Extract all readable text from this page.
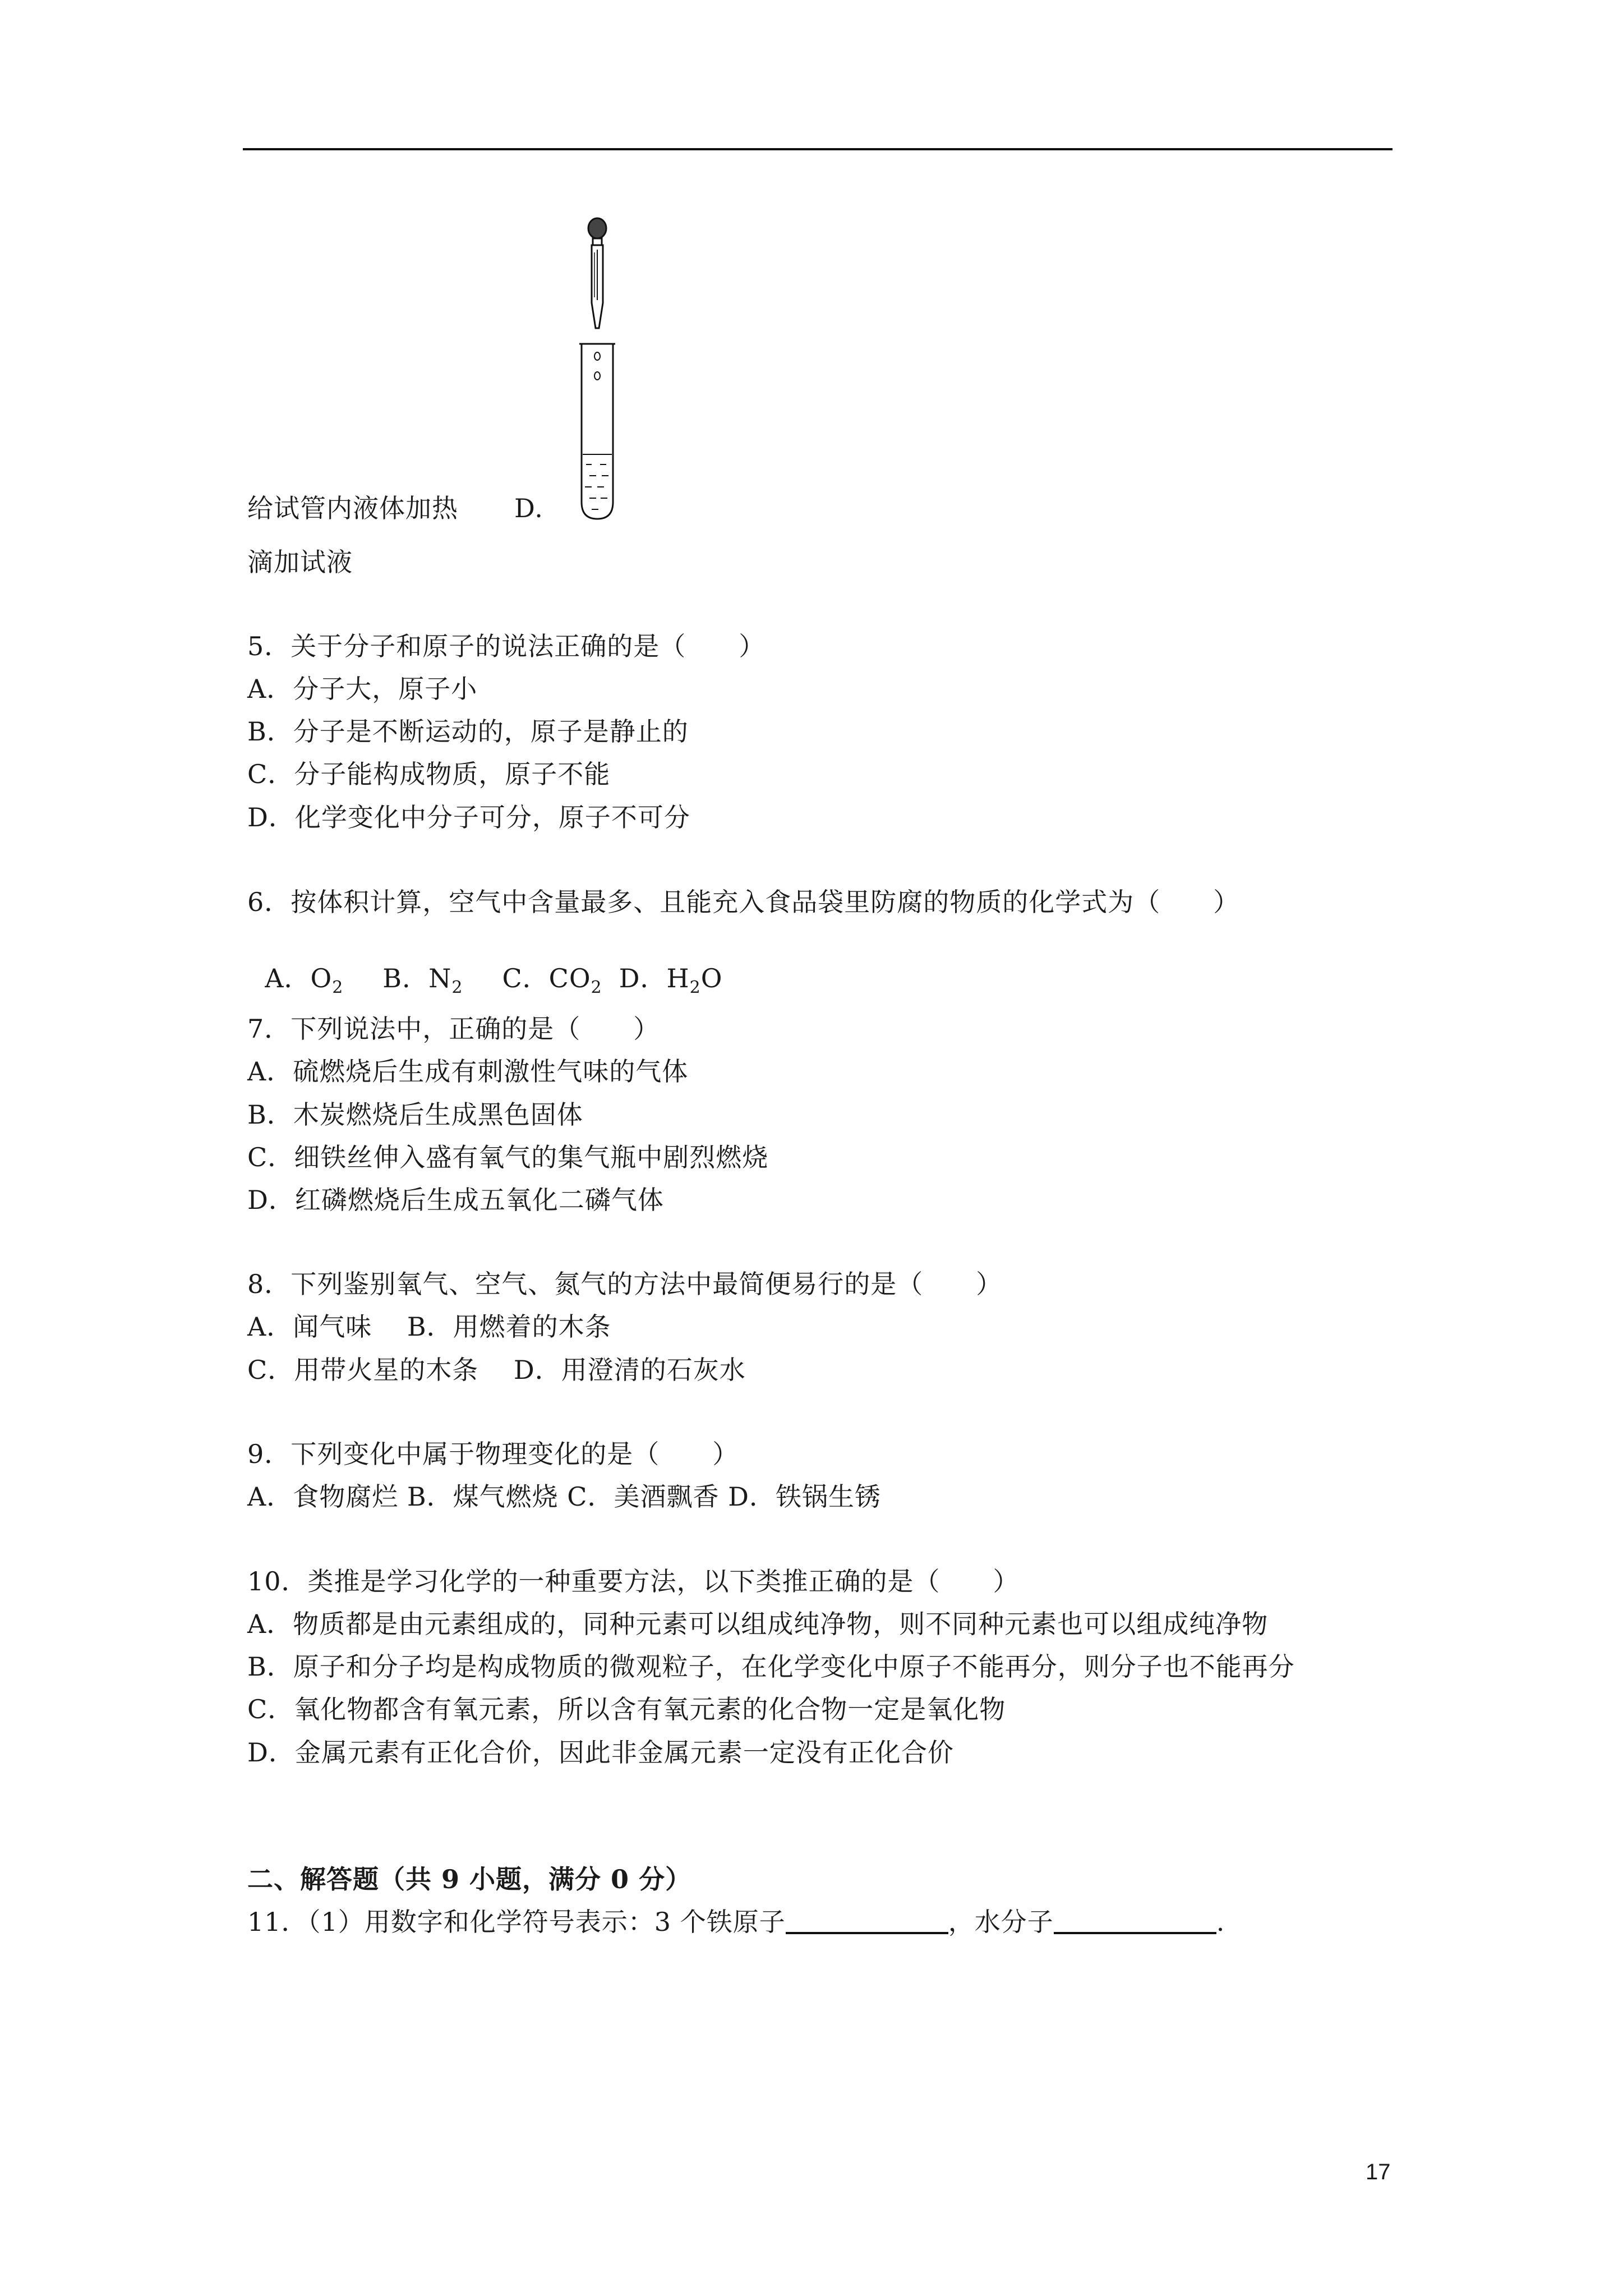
给试管内液体加热 D.
滴加试液
5．关于分子和原子的说法正确的是（　　）
A．分子大，原子小
B．分子是不断运动的，原子是静止的
C．分子能构成物质，原子不能
D．化学变化中分子可分，原子不可分
6．按体积计算，空气中含量最多、且能充入食品袋里防腐的物质的化学式为（　　）

A．$O_2$ B．$N_2$ C．$CO_2$ D．$H_2O$

7．下列说法中，正确的是（　　）
A．硫燃烧后生成有刺激性气味的气体
B．木炭燃烧后生成黑色固体
C．细铁丝伸入盛有氧气的集气瓶中剧烈燃烧
D．红磷燃烧后生成五氧化二磷气体
8．下列鉴别氧气、空气、氮气的方法中最简便易行的是（　　）
A．闻气味　 B．用燃着的木条
C．用带火星的木条　 D．用澄清的石灰水
9．下列变化中属于物理变化的是（　　）
A．食物腐烂 B．煤气燃烧 C．美酒飘香 D．铁锅生锈
10．类推是学习化学的一种重要方法，以下类推正确的是（　　）
A．物质都是由元素组成的，同种元素可以组成纯净物，则不同种元素也可以组成纯净物
B．原子和分子均是构成物质的微观粒子，在化学变化中原子不能再分，则分子也不能再分
C．氧化物都含有氧元素，所以含有氧元素的化合物一定是氧化物
D．金属元素有正化合价，因此非金属元素一定没有正化合价
二、解答题（共 9 小题，满分 0 分）
11．（1）用数字和化学符号表示：3 个铁原子	，水分子	.
17
